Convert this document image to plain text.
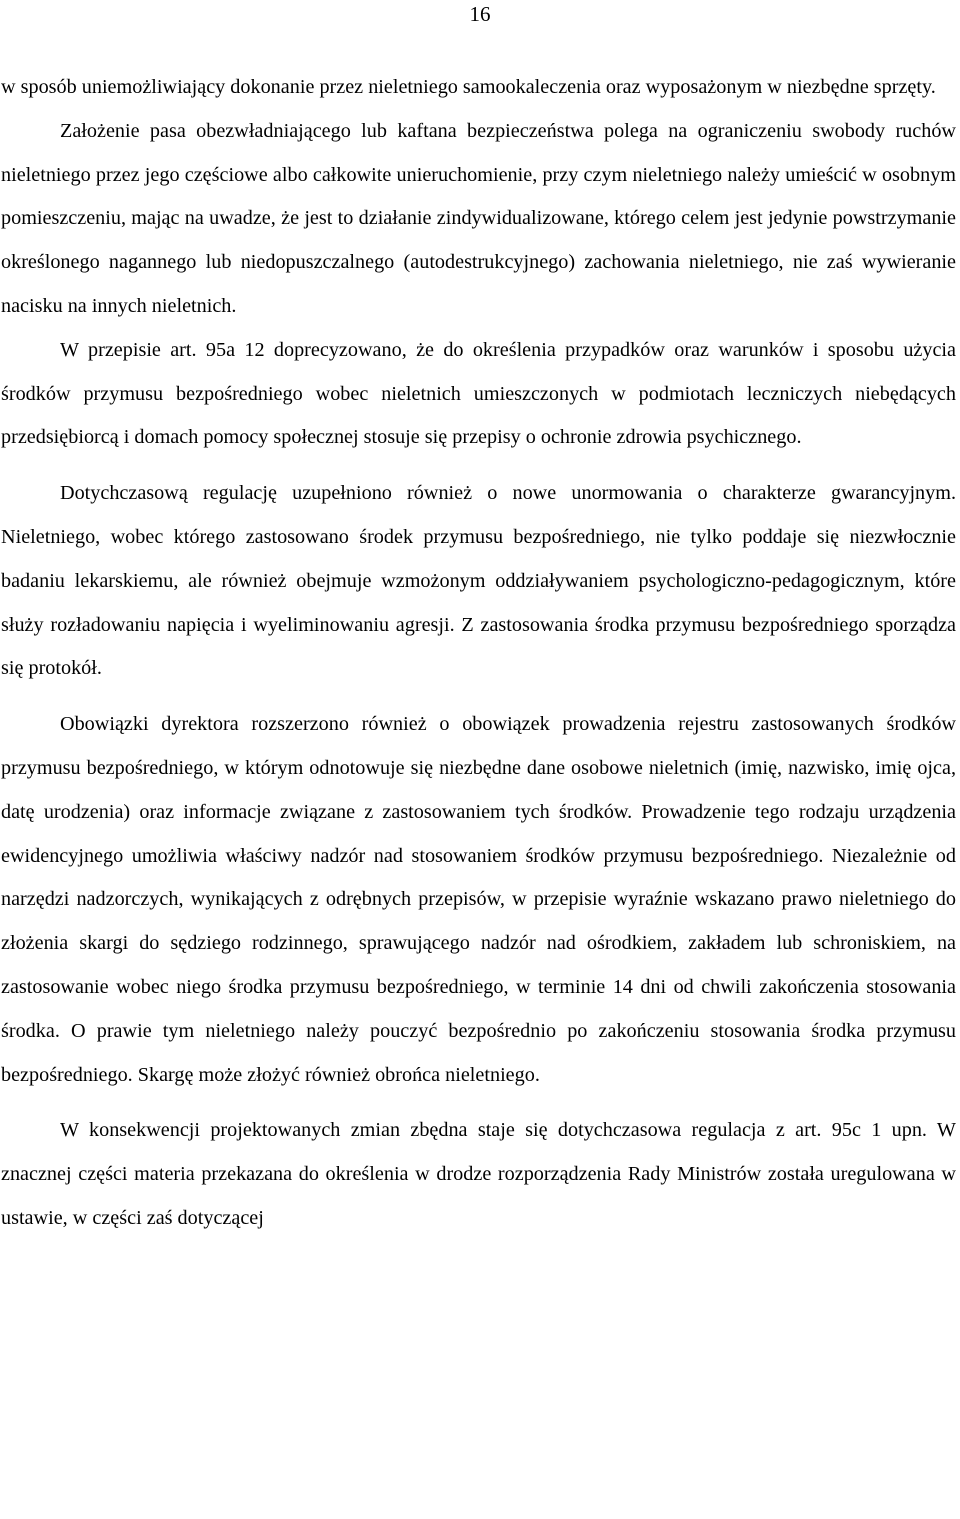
16

w sposób uniemożliwiający dokonanie przez nieletniego samookaleczenia oraz wyposażonym w niezbędne sprzęty.

Założenie pasa obezwładniającego lub kaftana bezpieczeństwa polega na ograniczeniu swobody ruchów nieletniego przez jego częściowe albo całkowite unieruchomienie, przy czym nieletniego należy umieścić w osobnym pomieszczeniu, mając na uwadze, że jest to działanie zindywidualizowane, którego celem jest jedynie powstrzymanie określonego nagannego lub niedopuszczalnego (autodestrukcyjnego) zachowania nieletniego, nie zaś wywieranie nacisku na innych nieletnich.

W przepisie art. 95a 12 doprecyzowano, że do określenia przypadków oraz warunków i sposobu użycia środków przymusu bezpośredniego wobec nieletnich umieszczonych w podmiotach leczniczych niebędących przedsiębiorcą i domach pomocy społecznej stosuje się przepisy o ochronie zdrowia psychicznego.

Dotychczasową regulację uzupełniono również o nowe unormowania o charakterze gwarancyjnym. Nieletniego, wobec którego zastosowano środek przymusu bezpośredniego, nie tylko poddaje się niezwłocznie badaniu lekarskiemu, ale również obejmuje wzmożonym oddziaływaniem psychologiczno-pedagogicznym, które służy rozładowaniu napięcia i wyeliminowaniu agresji. Z zastosowania środka przymusu bezpośredniego sporządza się protokół.

Obowiązki dyrektora rozszerzono również o obowiązek prowadzenia rejestru zastosowanych środków przymusu bezpośredniego, w którym odnotowuje się niezbędne dane osobowe nieletnich (imię, nazwisko, imię ojca, datę urodzenia) oraz informacje związane z zastosowaniem tych środków. Prowadzenie tego rodzaju urządzenia ewidencyjnego umożliwia właściwy nadzór nad stosowaniem środków przymusu bezpośredniego. Niezależnie od narzędzi nadzorczych, wynikających z odrębnych przepisów, w przepisie wyraźnie wskazano prawo nieletniego do złożenia skargi do sędziego rodzinnego, sprawującego nadzór nad ośrodkiem, zakładem lub schroniskiem, na zastosowanie wobec niego środka przymusu bezpośredniego, w terminie 14 dni od chwili zakończenia stosowania środka. O prawie tym nieletniego należy pouczyć bezpośrednio po zakończeniu stosowania środka przymusu bezpośredniego. Skargę może złożyć również obrońca nieletniego.

W konsekwencji projektowanych zmian zbędna staje się dotychczasowa regulacja z art. 95c 1 upn. W znacznej części materia przekazana do określenia w drodze rozporządzenia Rady Ministrów została uregulowana w ustawie, w części zaś dotyczącej
